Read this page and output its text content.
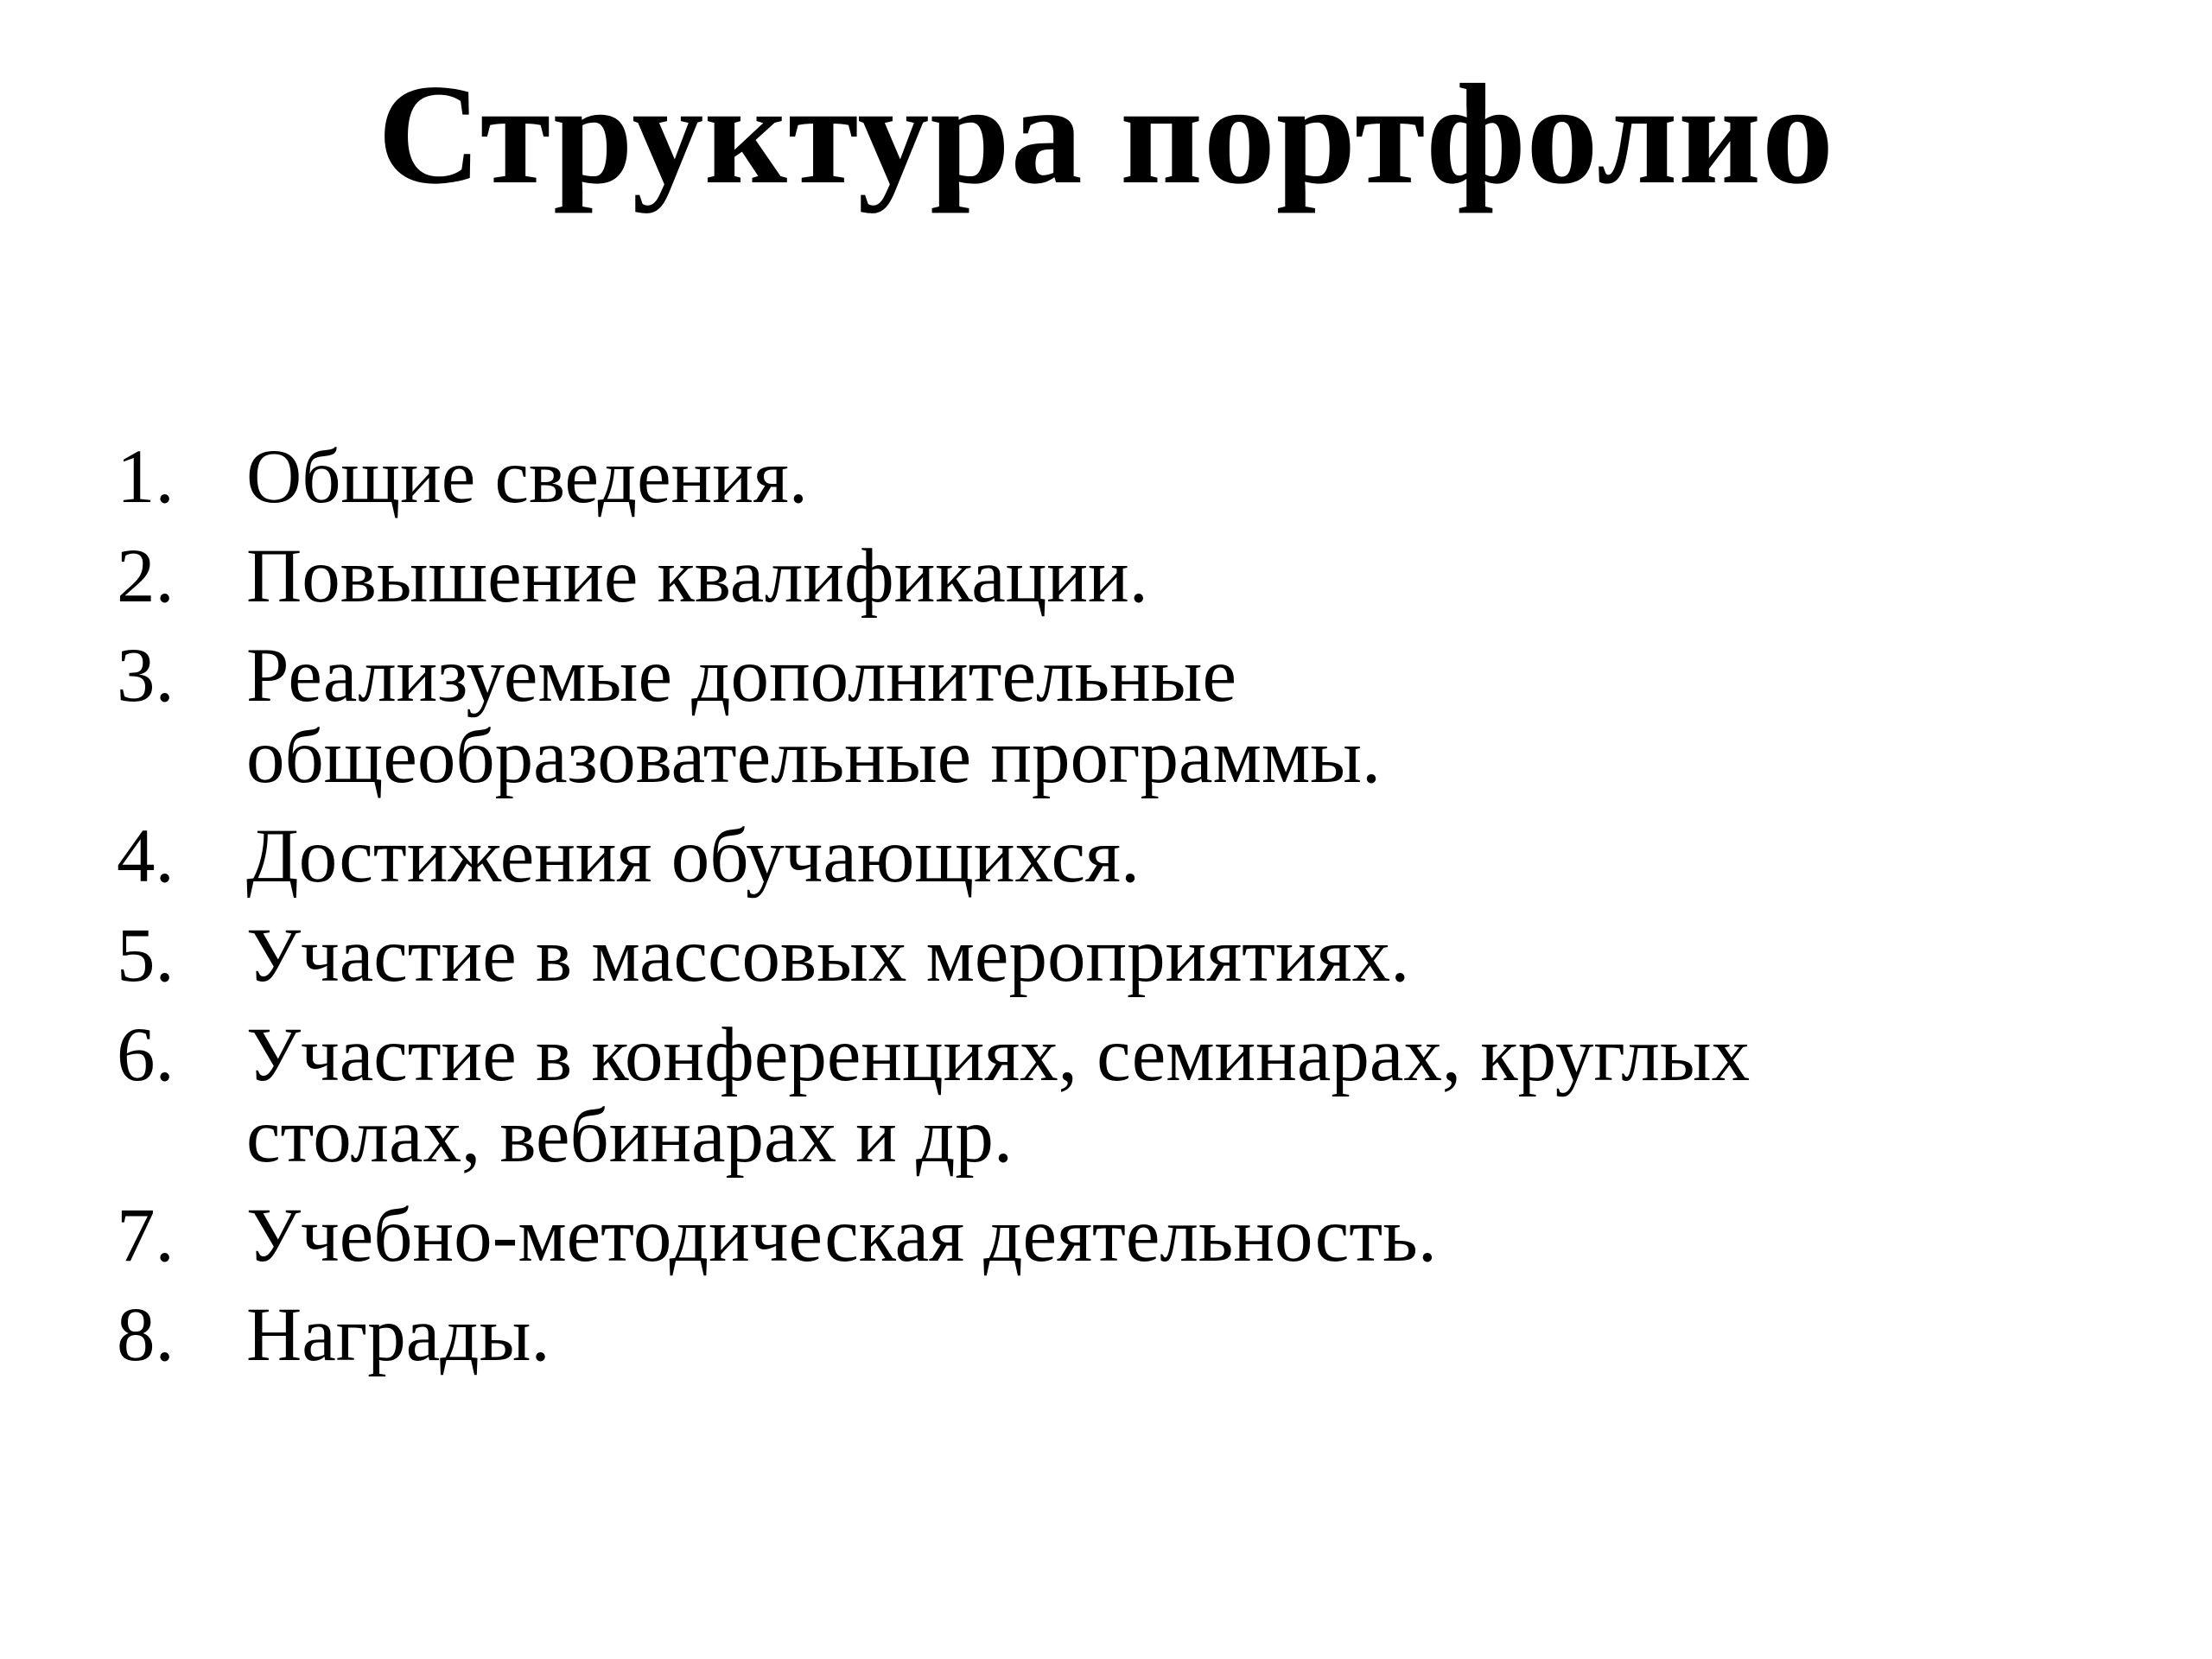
Структура портфолио
1. Общие сведения.
2. Повышение квалификации.
3. Реализуемые дополнительные
общеобразовательные программы.
4. Достижения обучающихся.
5. Участие в массовых мероприятиях.
6. Участие в конференциях, семинарах, круглых
столах, вебинарах и др.
7. Учебно-методическая деятельность.
8. Награды.
